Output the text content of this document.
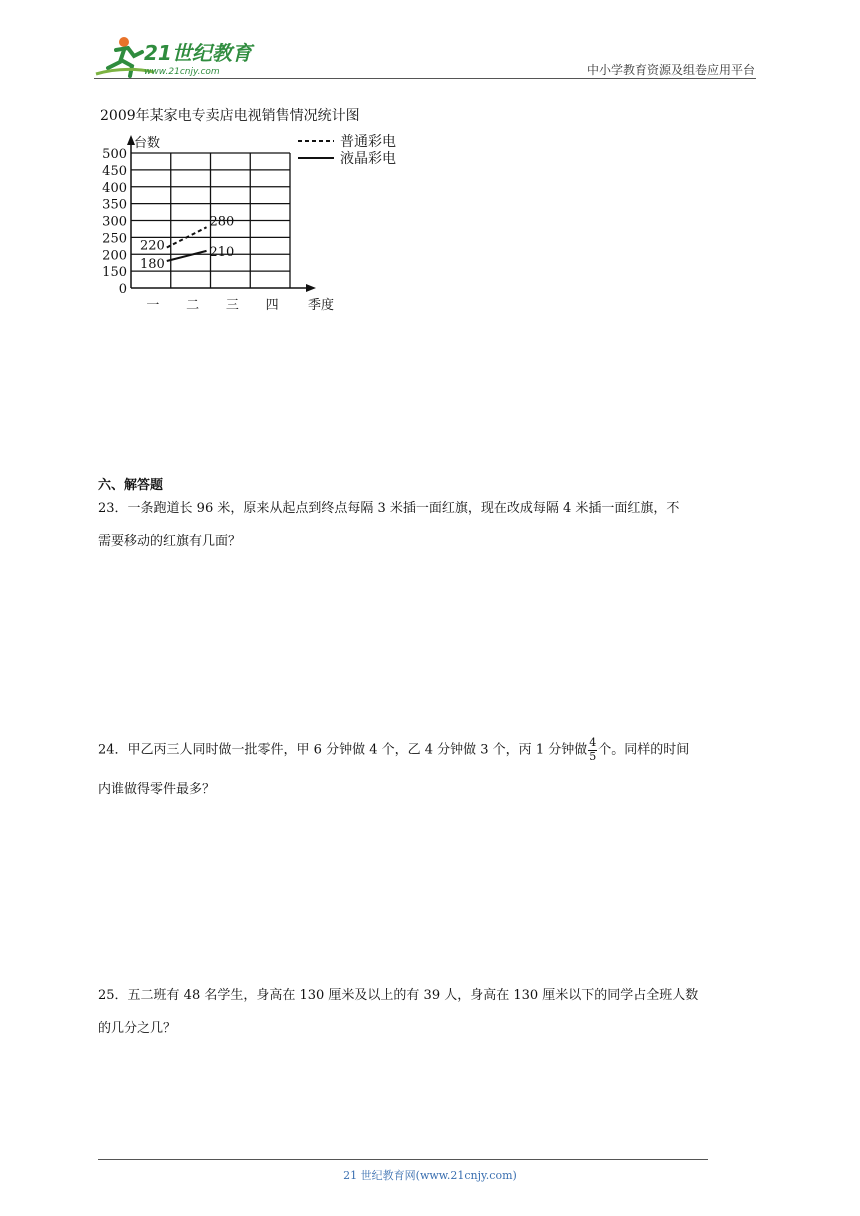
21世纪教育
www.21cnjy.com	中小学教育资源及组卷应用平台
2009年某家电专卖店电视销售情况统计图
台数
季度
0
150
200
250
300
350
400
450
500
一 二 三 四
220
280
180
210
普通彩电
液晶彩电
六、解答题
23．一条跑道长 96 米，原来从起点到终点每隔 3 米插一面红旗，现在改成每隔 4 米插一面红旗，不
需要移动的红旗有几面？
24．甲乙丙三人同时做一批零件，甲 6 分钟做 4 个，乙 4 分钟做 3 个，丙 1 分钟做 $\frac{4}{5}$ 个。同样的时间
内谁做得零件最多？
25．五二班有 48 名学生，身高在 130 厘米及以上的有 39 人，身高在 130 厘米以下的同学占全班人数
的几分之几？
21 世纪教育网(www.21cnjy.com)
